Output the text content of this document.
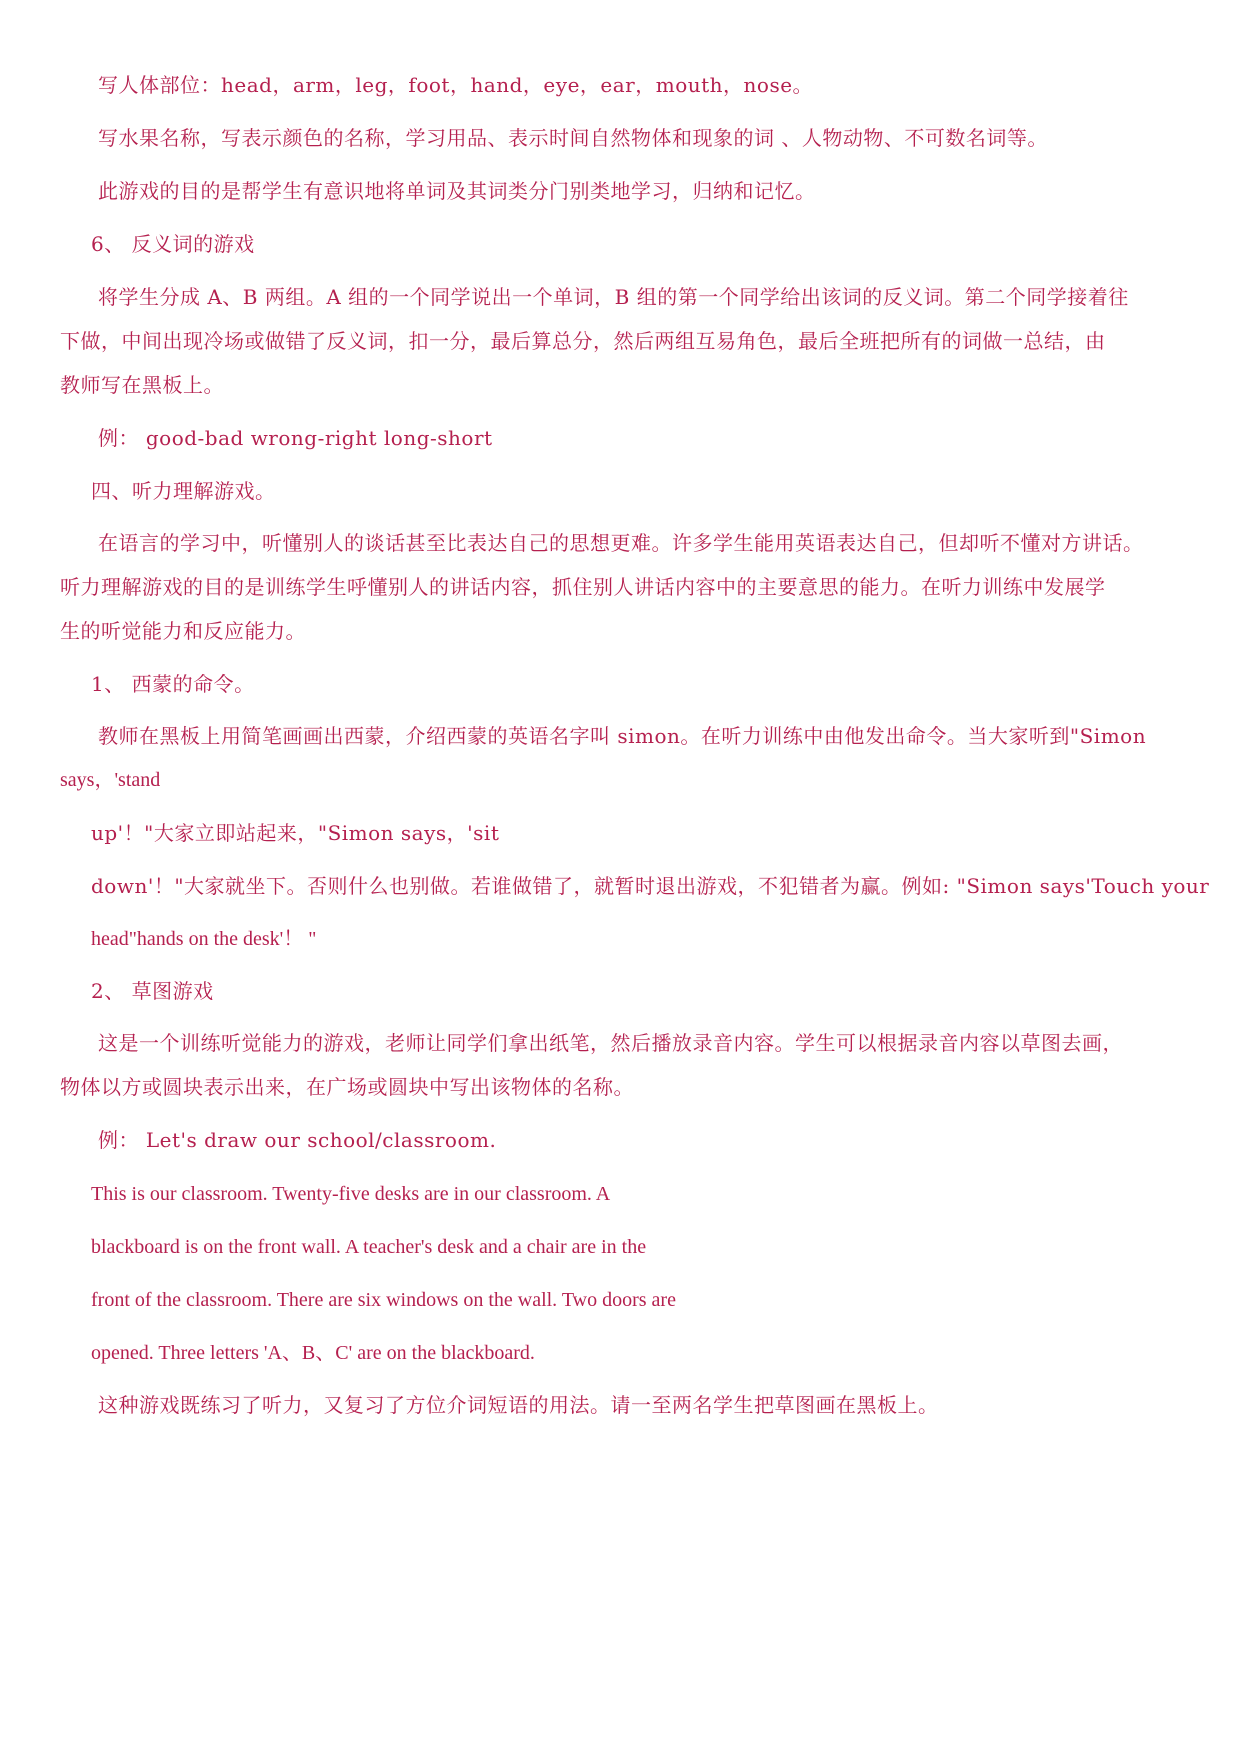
写人体部位：head，arm，leg，foot，hand，eye，ear，mouth，nose。
写水果名称，写表示颜色的名称，学习用品、表示时间自然物体和现象的词 、人物动物、不可数名词等。
此游戏的目的是帮学生有意识地将单词及其词类分门别类地学习，归纳和记忆。
6、 反义词的游戏
将学生分成 A、B 两组。A 组的一个同学说出一个单词，B 组的第一个同学给出该词的反义词。第二个同学接着往
下做，中间出现冷场或做错了反义词，扣一分，最后算总分，然后两组互易角色，最后全班把所有的词做一总结，由
教师写在黑板上。
例： good-bad wrong-right long-short
四、听力理解游戏。
在语言的学习中，听懂别人的谈话甚至比表达自己的思想更难。许多学生能用英语表达自己，但却听不懂对方讲话。
听力理解游戏的目的是训练学生呼懂别人的讲话内容，抓住别人讲话内容中的主要意思的能力。在听力训练中发展学
生的听觉能力和反应能力。
1、 西蒙的命令。
教师在黑板上用简笔画画出西蒙，介绍西蒙的英语名字叫 simon。在听力训练中由他发出命令。当大家听到"Simon
says，'stand
up'！"大家立即站起来，"Simon says，'sit
down'！"大家就坐下。否则什么也别做。若谁做错了，就暂时退出游戏，不犯错者为赢。例如: "Simon says'Touch your
head"hands on the desk'！ "
2、 草图游戏
这是一个训练听觉能力的游戏，老师让同学们拿出纸笔，然后播放录音内容。学生可以根据录音内容以草图去画，
物体以方或圆块表示出来，在广场或圆块中写出该物体的名称。
例： Let's draw our school/classroom.
This is our classroom. Twenty-five desks are in our classroom. A
blackboard is on the front wall. A teacher's desk and a chair are in the
front of the classroom. There are six windows on the wall. Two doors are
opened. Three letters 'A、B、C' are on the blackboard.
这种游戏既练习了听力，又复习了方位介词短语的用法。请一至两名学生把草图画在黑板上。
